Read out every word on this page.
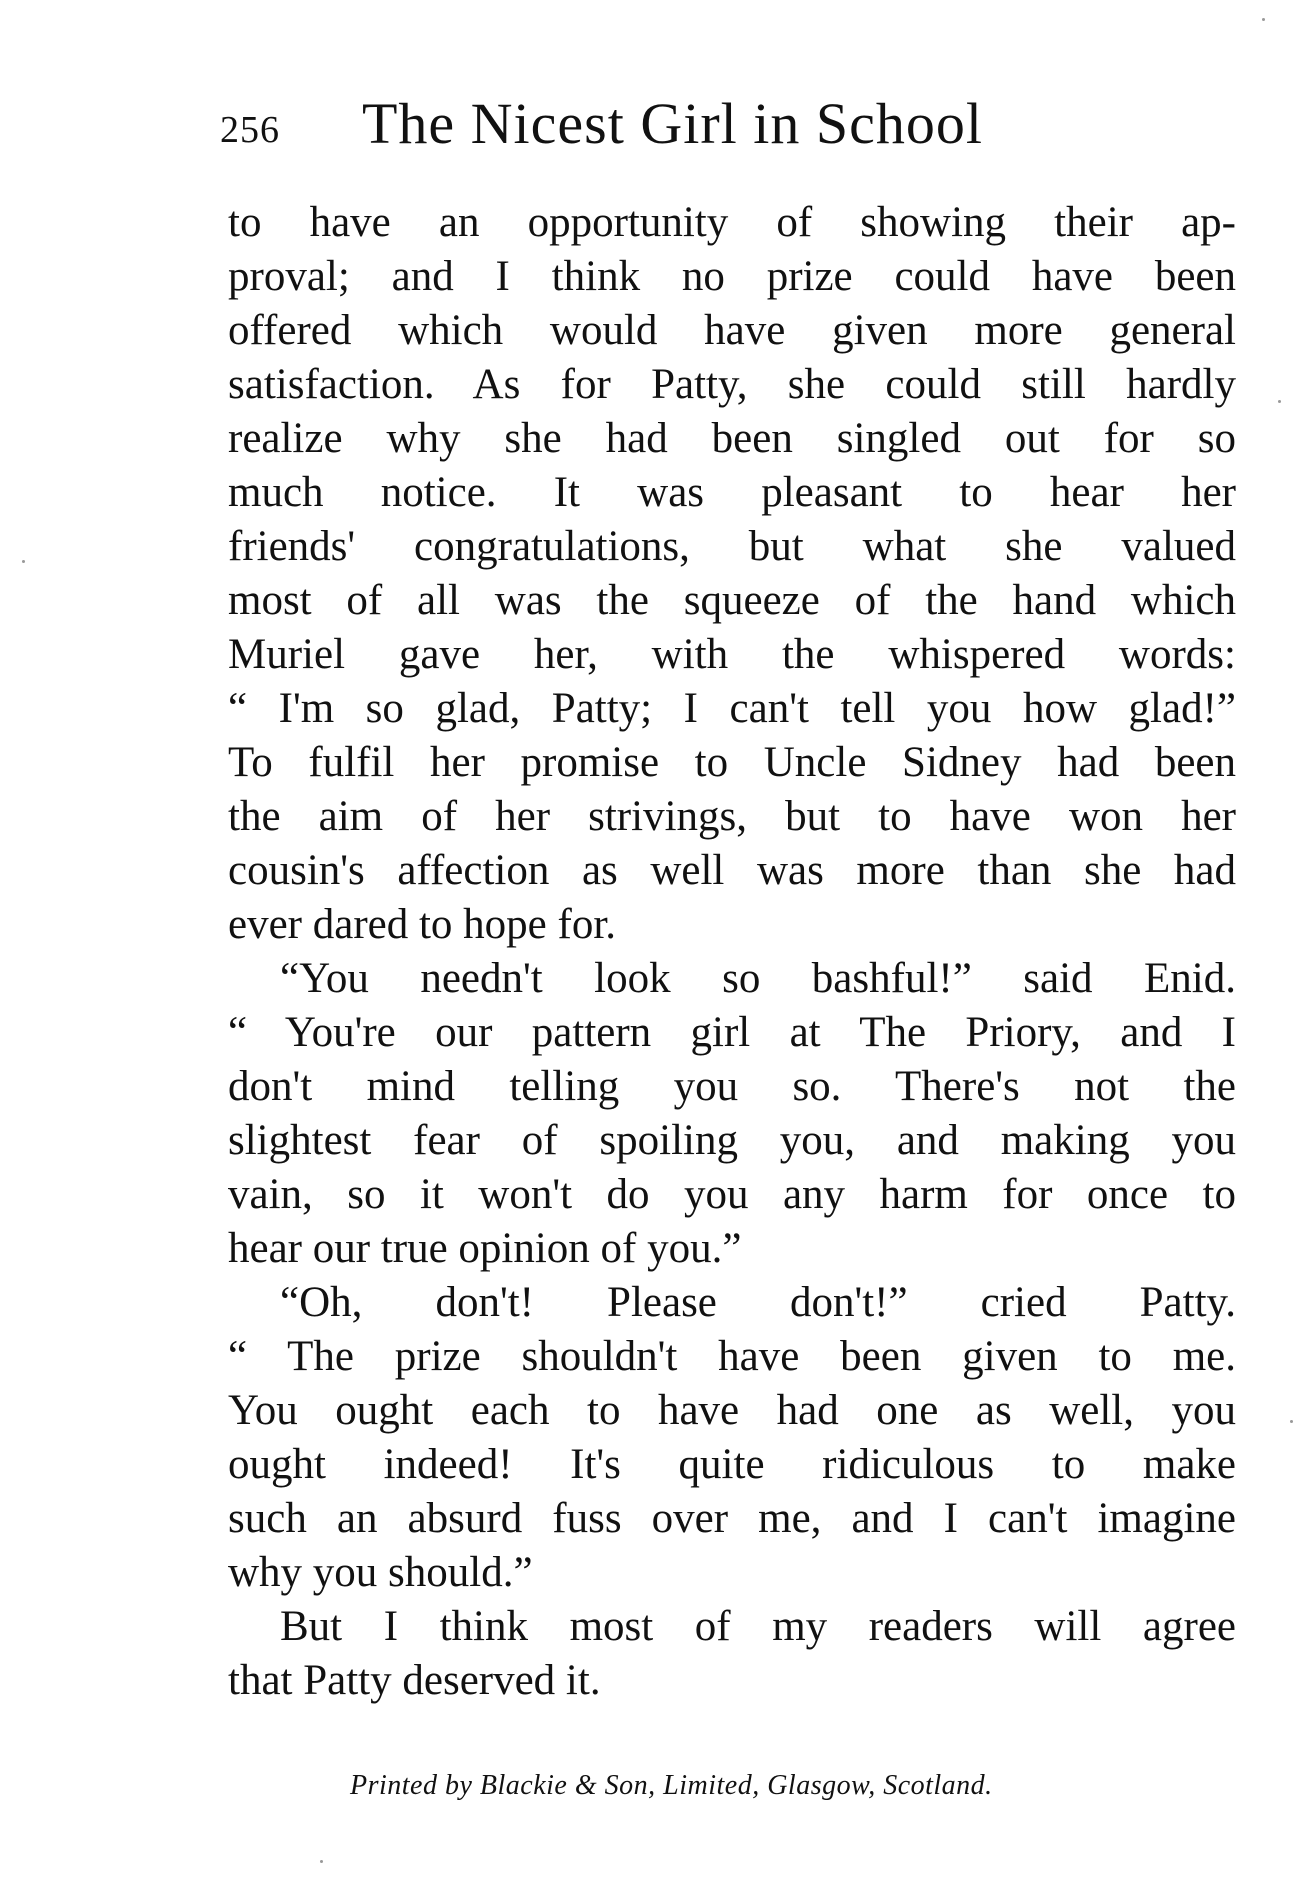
256 The Nicest Girl in School
to have an opportunity of showing their ap-
proval; and I think no prize could have been
offered which would have given more general
satisfaction. As for Patty, she could still hardly
realize why she had been singled out for so
much notice. It was pleasant to hear her
friends' congratulations, but what she valued
most of all was the squeeze of the hand which
Muriel gave her, with the whispered words:
“ I'm so glad, Patty; I can't tell you how glad!”
To fulfil her promise to Uncle Sidney had been
the aim of her strivings, but to have won her
cousin's affection as well was more than she had
ever dared to hope for.
“You needn't look so bashful!” said Enid.
“ You're our pattern girl at The Priory, and I
don't mind telling you so. There's not the
slightest fear of spoiling you, and making you
vain, so it won't do you any harm for once to
hear our true opinion of you.”
“Oh, don't! Please don't!” cried Patty.
“ The prize shouldn't have been given to me.
You ought each to have had one as well, you
ought indeed! It's quite ridiculous to make
such an absurd fuss over me, and I can't imagine
why you should.”
But I think most of my readers will agree
that Patty deserved it.
Printed by Blackie & Son, Limited, Glasgow, Scotland.
